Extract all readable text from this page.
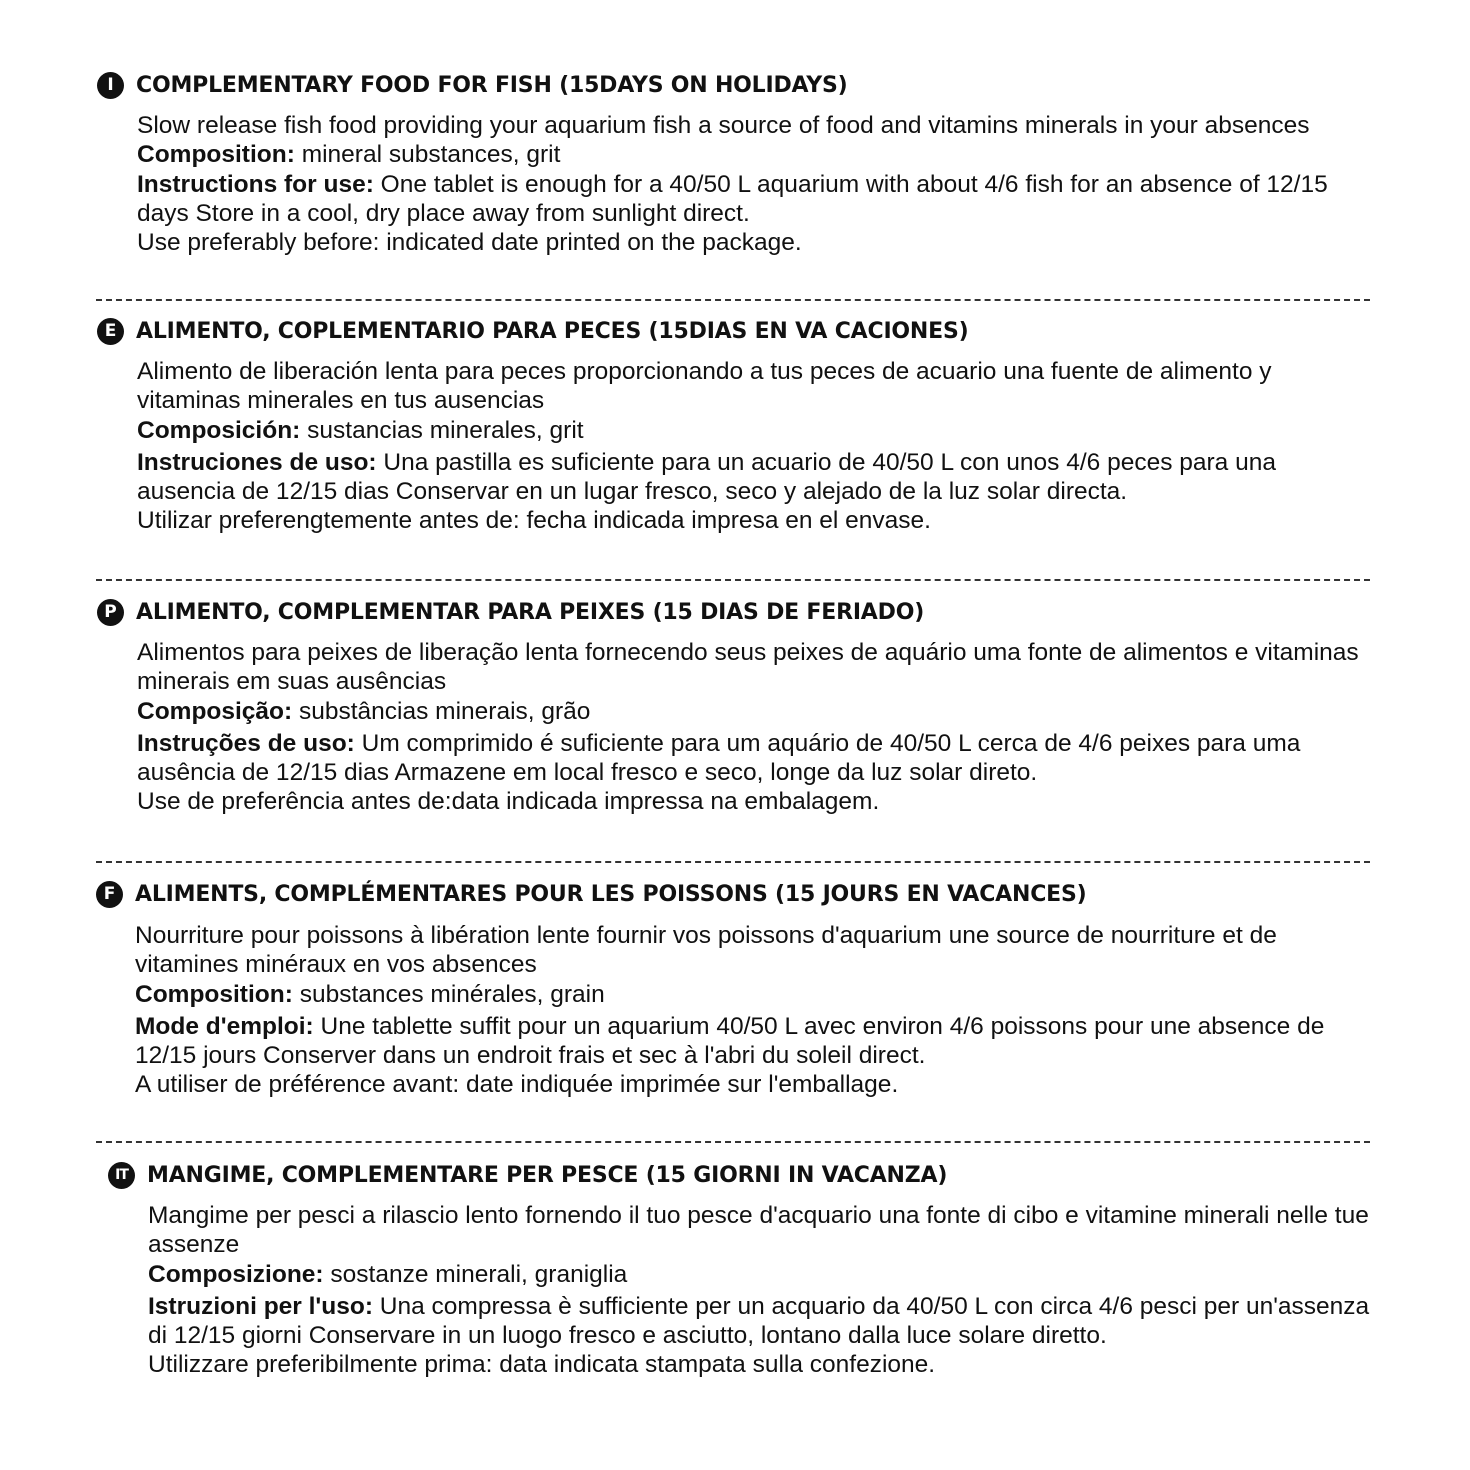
I	COMPLEMENTARY FOOD FOR FISH (15DAYS ON HOLIDAYS)

Slow release fish food providing your aquarium fish a source of food and vitamins minerals in your absences

Composition: mineral substances, grit

Instructions for use: One tablet is enough for a 40/50 L aquarium with about 4/6 fish for an absence of 12/15 days Store in a cool, dry place away from sunlight direct.

Use preferably before: indicated date printed on the package.

E ALIMENTO, COPLEMENTARIO PARA PECES (15DIAS EN VA CACIONES)

Alimento de liberación lenta para peces proporcionando a tus peces de acuario una fuente de alimento y vitaminas minerales en tus ausencias

Composición: sustancias minerales, grit

Instruciones de uso: Una pastilla es suficiente para un acuario de 40/50 L con unos 4/6 peces para una ausencia de 12/15 dias Conservar en un lugar fresco, seco y alejado de la luz solar directa.

Utilizar preferengtemente antes de: fecha indicada impresa en el envase.

P ALIMENTO, COMPLEMENTAR PARA PEIXES (15 DIAS DE FERIADO)

Alimentos para peixes de liberação lenta fornecendo seus peixes de aquário uma fonte de alimentos e vitaminas minerais em suas ausências

Composição: substâncias minerais, grão

Instruções de uso: Um comprimido é suficiente para um aquário de 40/50 L cerca de 4/6 peixes para uma ausência de 12/15 dias Armazene em local fresco e seco, longe da luz solar direto.

Use de preferência antes de:data indicada impressa na embalagem.

F ALIMENTS, COMPLÉMENTARES POUR LES POISSONS (15 JOURS EN VACANCES)

Nourriture pour poissons à libération lente fournir vos poissons d'aquarium une source de nourriture et de vitamines minéraux en vos absences

Composition: substances minérales, grain

Mode d'emploi: Une tablette suffit pour un aquarium 40/50 L avec environ 4/6 poissons pour une absence de 12/15 jours Conserver dans un endroit frais et sec à l'abri du soleil direct.

A utiliser de préférence avant: date indiquée imprimée sur l'emballage.

IT MANGIME, COMPLEMENTARE PER PESCE (15 GIORNI IN VACANZA)

Mangime per pesci a rilascio lento fornendo il tuo pesce d'acquario una fonte di cibo e vitamine minerali nelle tue assenze

Composizione: sostanze minerali, graniglia

Istruzioni per l'uso: Una compressa è sufficiente per un acquario da 40/50 L con circa 4/6 pesci per un'assenza di 12/15 giorni Conservare in un luogo fresco e asciutto, lontano dalla luce solare diretto.

Utilizzare preferibilmente prima: data indicata stampata sulla confezione.
